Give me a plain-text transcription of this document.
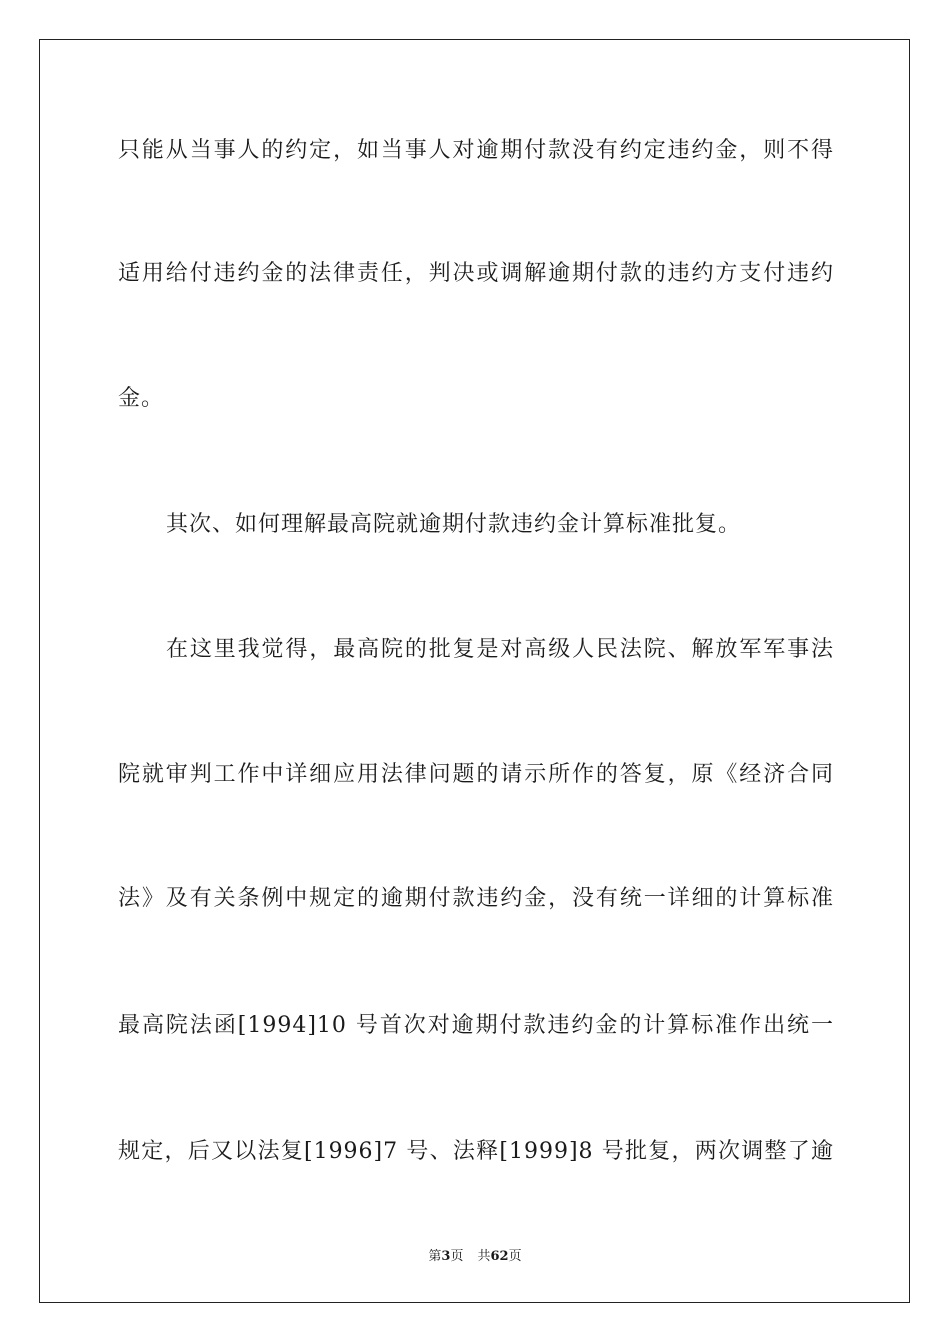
只能从当事人的约定，如当事人对逾期付款没有约定违约金，则不得
适用给付违约金的法律责任，判决或调解逾期付款的违约方支付违约
金。
其次、如何理解最高院就逾期付款违约金计算标准批复。
在这里我觉得，最高院的批复是对高级人民法院、解放军军事法
院就审判工作中详细应用法律问题的请示所作的答复，原《经济合同
法》及有关条例中规定的逾期付款违约金，没有统一详细的计算标准
最高院法函[1994]10 号首次对逾期付款违约金的计算标准作出统一
规定，后又以法复[1996]7 号、法释[1999]8 号批复，两次调整了逾
第3页 共62页
